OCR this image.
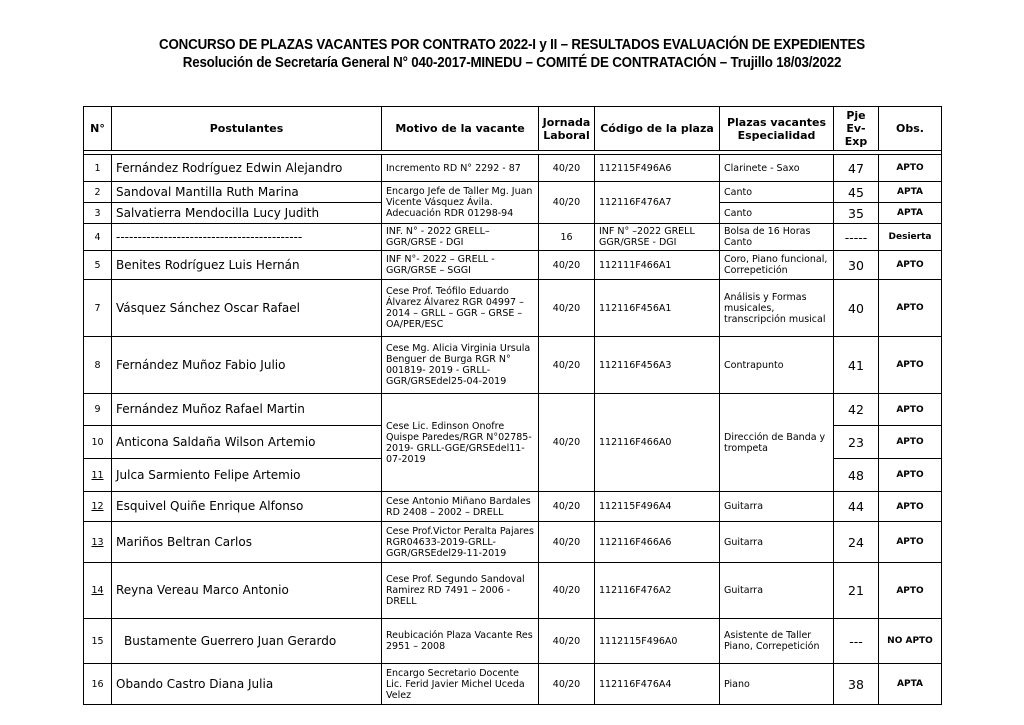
CONCURSO DE PLAZAS VACANTES POR CONTRATO 2022-I y II – RESULTADOS EVALUACIÓN DE EXPEDIENTES
Resolución de Secretaría General N° 040-2017-MINEDU – COMITÉ DE CONTRATACIÓN – Trujillo 18/03/2022
N°	Postulantes	Motivo de la vacante	Jornada Laboral	Código de la plaza	Plazas vacantes Especialidad	Pje Ev-Exp	Obs.

1	Fernández Rodríguez Edwin Alejandro	Incremento RD N° 2292 - 87	40/20	112115F496A6	Clarinete - Saxo	47	APTO
2	Sandoval Mantilla Ruth Marina	Encargo Jefe de Taller Mg. Juan Vicente Vásquez Ávila. Adecuación RDR 01298-94	40/20	112116F476A7	Canto	45	APTA
3	Salvatierra Mendocilla Lucy Judith				Canto	35	APTA
4	-------------------------------------------	INF. N° - 2022 GRELL– GGR/GRSE - DGI	16	INF N° –2022 GRELL GGR/GRSE - DGI	Bolsa de 16 Horas Canto	-----	Desierta
5	Benites Rodríguez Luis Hernán	INF N°- 2022 – GRELL - GGR/GRSE – SGGI	40/20	112111F466A1	Coro, Piano funcional, Correpetición	30	APTO
7	Vásquez Sánchez Oscar Rafael	Cese Prof. Teófilo Eduardo Álvarez Álvarez RGR 04997 – 2014 – GRLL – GGR – GRSE – OA/PER/ESC	40/20	112116F456A1	Análisis y Formas musicales, transcripción musical	40	APTO
8	Fernández Muñoz Fabio Julio	Cese Mg. Alicia Virginia Ursula Benguer de Burga RGR N° 001819- 2019 - GRLL-GGR/GRSEdel25-04-2019	40/20	112116F456A3	Contrapunto	41	APTO
9	Fernández Muñoz Rafael Martin	Cese Lic. Edinson Onofre Quispe Paredes/RGR N°02785-2019- GRLL-GGE/GRSEdel11-07-2019	40/20	112116F466A0	Dirección de Banda y trompeta	42	APTO
10	Anticona Saldaña Wilson Artemio					23	APTO
11	Julca Sarmiento Felipe Artemio					48	APTO
12	Esquivel Quiñe Enrique Alfonso	Cese Antonio Miñano Bardales RD 2408 – 2002 – DRELL	40/20	112115F496A4	Guitarra	44	APTO
13	Mariños Beltran Carlos	Cese Prof.Victor Peralta Pajares RGR04633-2019-GRLL-GGR/GRSEdel29-11-2019	40/20	112116F466A6	Guitarra	24	APTO
14	Reyna Vereau Marco Antonio	Cese Prof. Segundo Sandoval Ramirez RD 7491 – 2006 - DRELL	40/20	112116F476A2	Guitarra	21	APTO
15	Bustamente Guerrero Juan Gerardo	Reubicación Plaza Vacante Res 2951 – 2008	40/20	1112115F496A0	Asistente de Taller Piano, Correpetición	---	NO APTO
16	Obando Castro Diana Julia	Encargo Secretario Docente Lic. Ferid Javier Michel Uceda Velez	40/20	112116F476A4	Piano	38	APTA
